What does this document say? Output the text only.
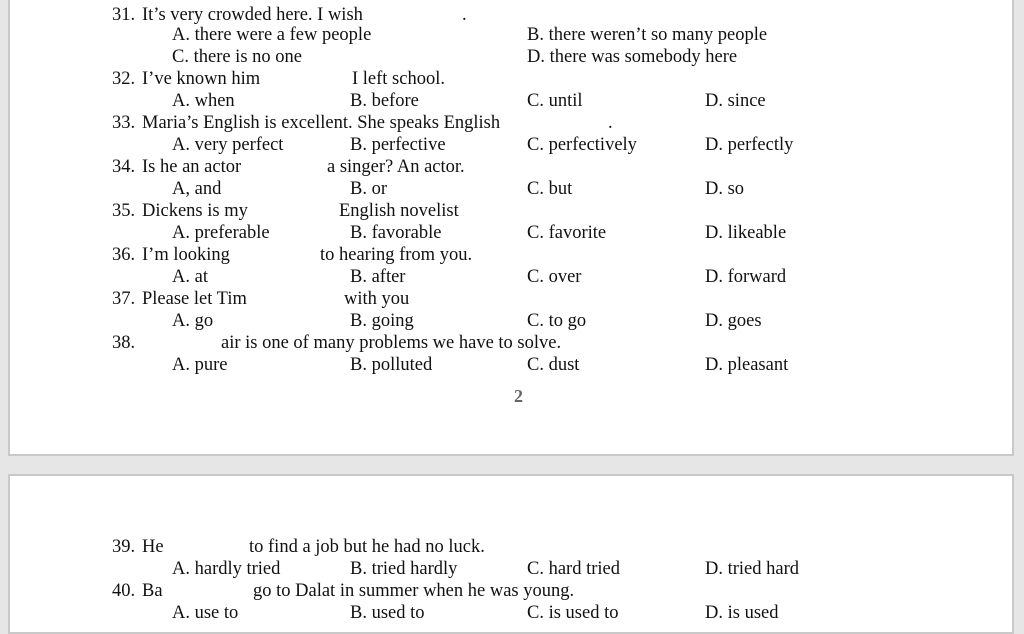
31. It’s very crowded here. I wish	.
A. there were a few people	B. there weren’t so many people
C. there is no one	D. there was somebody here
32. I’ve known him	I left school.
A. when	B. before	C. until	D. since
33. Maria’s English is excellent. She speaks English	.
A. very perfect	B. perfective	C. perfectively	D. perfectly
34. Is he an actor	a singer? An actor.
A, and	B. or	C. but	D. so
35. Dickens is my	English novelist
A. preferable	B. favorable	C. favorite	D. likeable
36. I’m looking	to hearing from you.
A. at	B. after	C. over	D. forward
37. Please let Tim	with you
A. go	B. going	C. to go	D. goes
38.	air is one of many problems we have to solve.
A. pure	B. polluted	C. dust	D. pleasant
2
39. He	to find a job but he had no luck.
A. hardly tried	B. tried hardly	C. hard tried	D. tried hard
40. Ba	go to Dalat in summer when he was young.
A. use to	B. used to	C. is used to	D. is used
